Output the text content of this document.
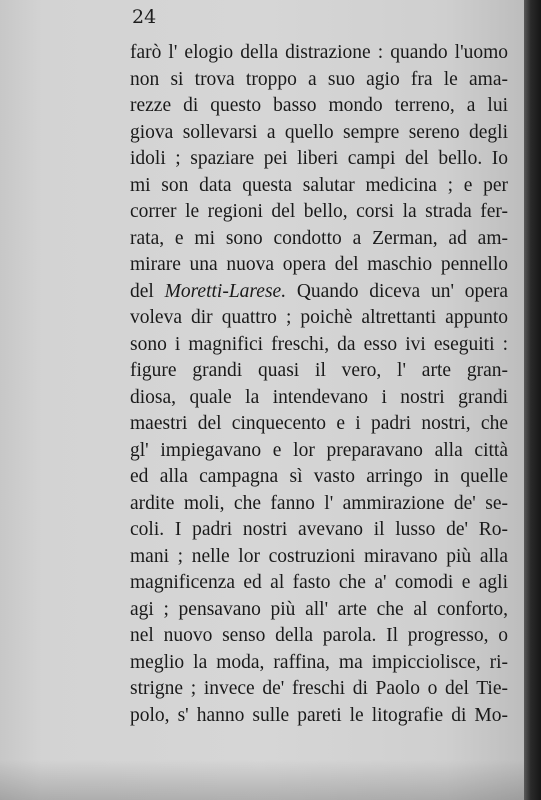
24
farò l' elogio della distrazione : quando l'uomo
non si trova troppo a suo agio fra le ama-
rezze di questo basso mondo terreno, a lui
giova sollevarsi a quello sempre sereno degli
idoli ; spaziare pei liberi campi del bello. Io
mi son data questa salutar medicina ; e per
correr le regioni del bello, corsi la strada fer-
rata, e mi sono condotto a Zerman, ad am-
mirare una nuova opera del maschio pennello
del Moretti-Larese. Quando diceva un' opera
voleva dir quattro ; poichè altrettanti appunto
sono i magnifici freschi, da esso ivi eseguiti :
figure grandi quasi il vero, l' arte gran-
diosa, quale la intendevano i nostri grandi
maestri del cinquecento e i padri nostri, che
gl' impiegavano e lor preparavano alla città
ed alla campagna sì vasto arringo in quelle
ardite moli, che fanno l' ammirazione de' se-
coli. I padri nostri avevano il lusso de' Ro-
mani ; nelle lor costruzioni miravano più alla
magnificenza ed al fasto che a' comodi e agli
agi ; pensavano più all' arte che al conforto,
nel nuovo senso della parola. Il progresso, o
meglio la moda, raffina, ma impicciolisce, ri-
strigne ; invece de' freschi di Paolo o del Tie-
polo, s' hanno sulle pareti le litografie di Mo-
